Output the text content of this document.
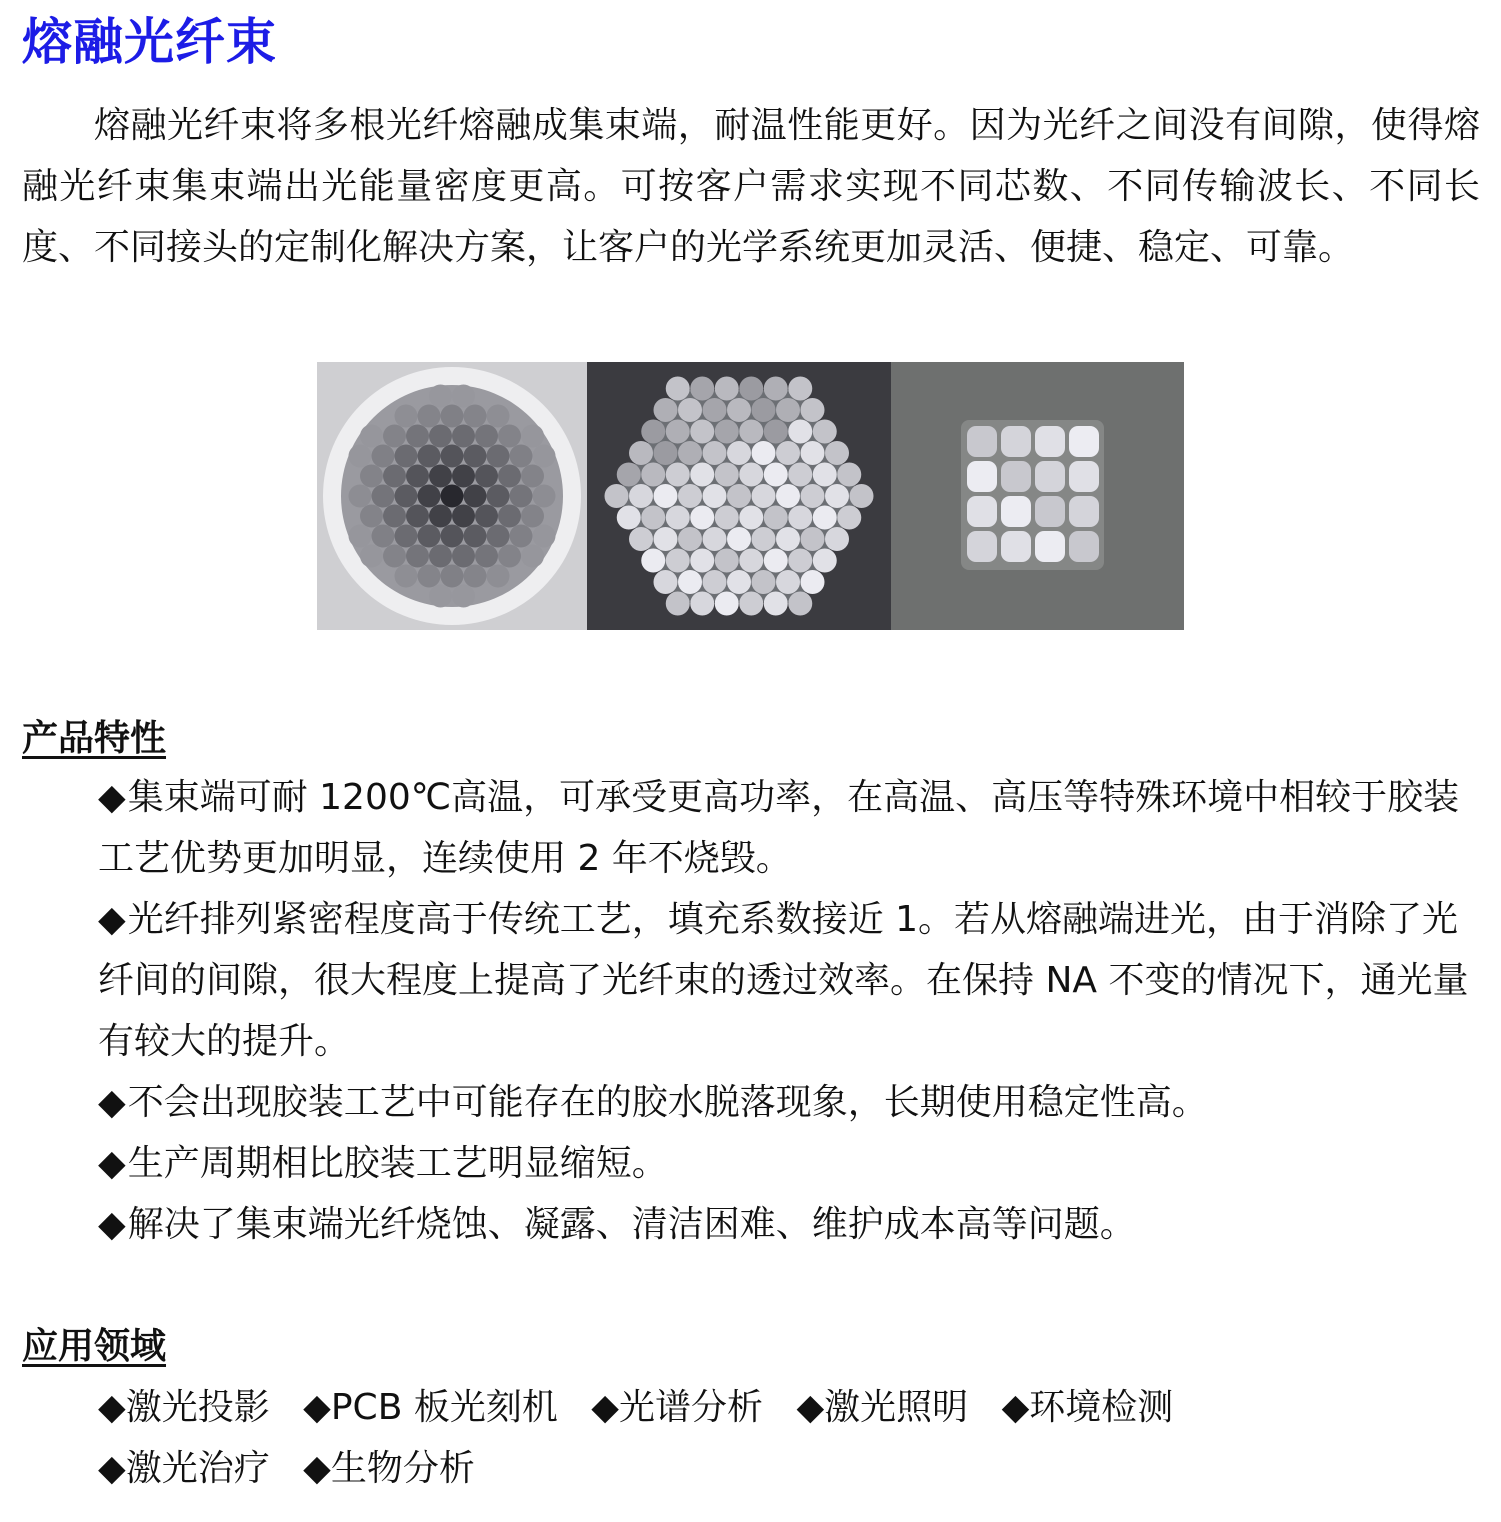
熔融光纤束

熔融光纤束将多根光纤熔融成集束端，耐温性能更好。因为光纤之间没有间隙，使得熔融光纤束集束端出光能量密度更高。可按客户需求实现不同芯数、不同传输波长、不同长度、不同接头的定制化解决方案，让客户的光学系统更加灵活、便捷、稳定、可靠。

产品特性
◆集束端可耐 1200℃高温，可承受更高功率，在高温、高压等特殊环境中相较于胶装工艺优势更加明显，连续使用 2 年不烧毁。
◆光纤排列紧密程度高于传统工艺，填充系数接近 1。若从熔融端进光，由于消除了光纤间的间隙，很大程度上提高了光纤束的透过效率。在保持 NA 不变的情况下，通光量有较大的提升。
◆不会出现胶装工艺中可能存在的胶水脱落现象，长期使用稳定性高。
◆生产周期相比胶装工艺明显缩短。
◆解决了集束端光纤烧蚀、凝露、清洁困难、维护成本高等问题。
应用领域
◆激光投影 ◆PCB 板光刻机 ◆光谱分析 ◆激光照明 ◆环境检测
◆激光治疗 ◆生物分析
